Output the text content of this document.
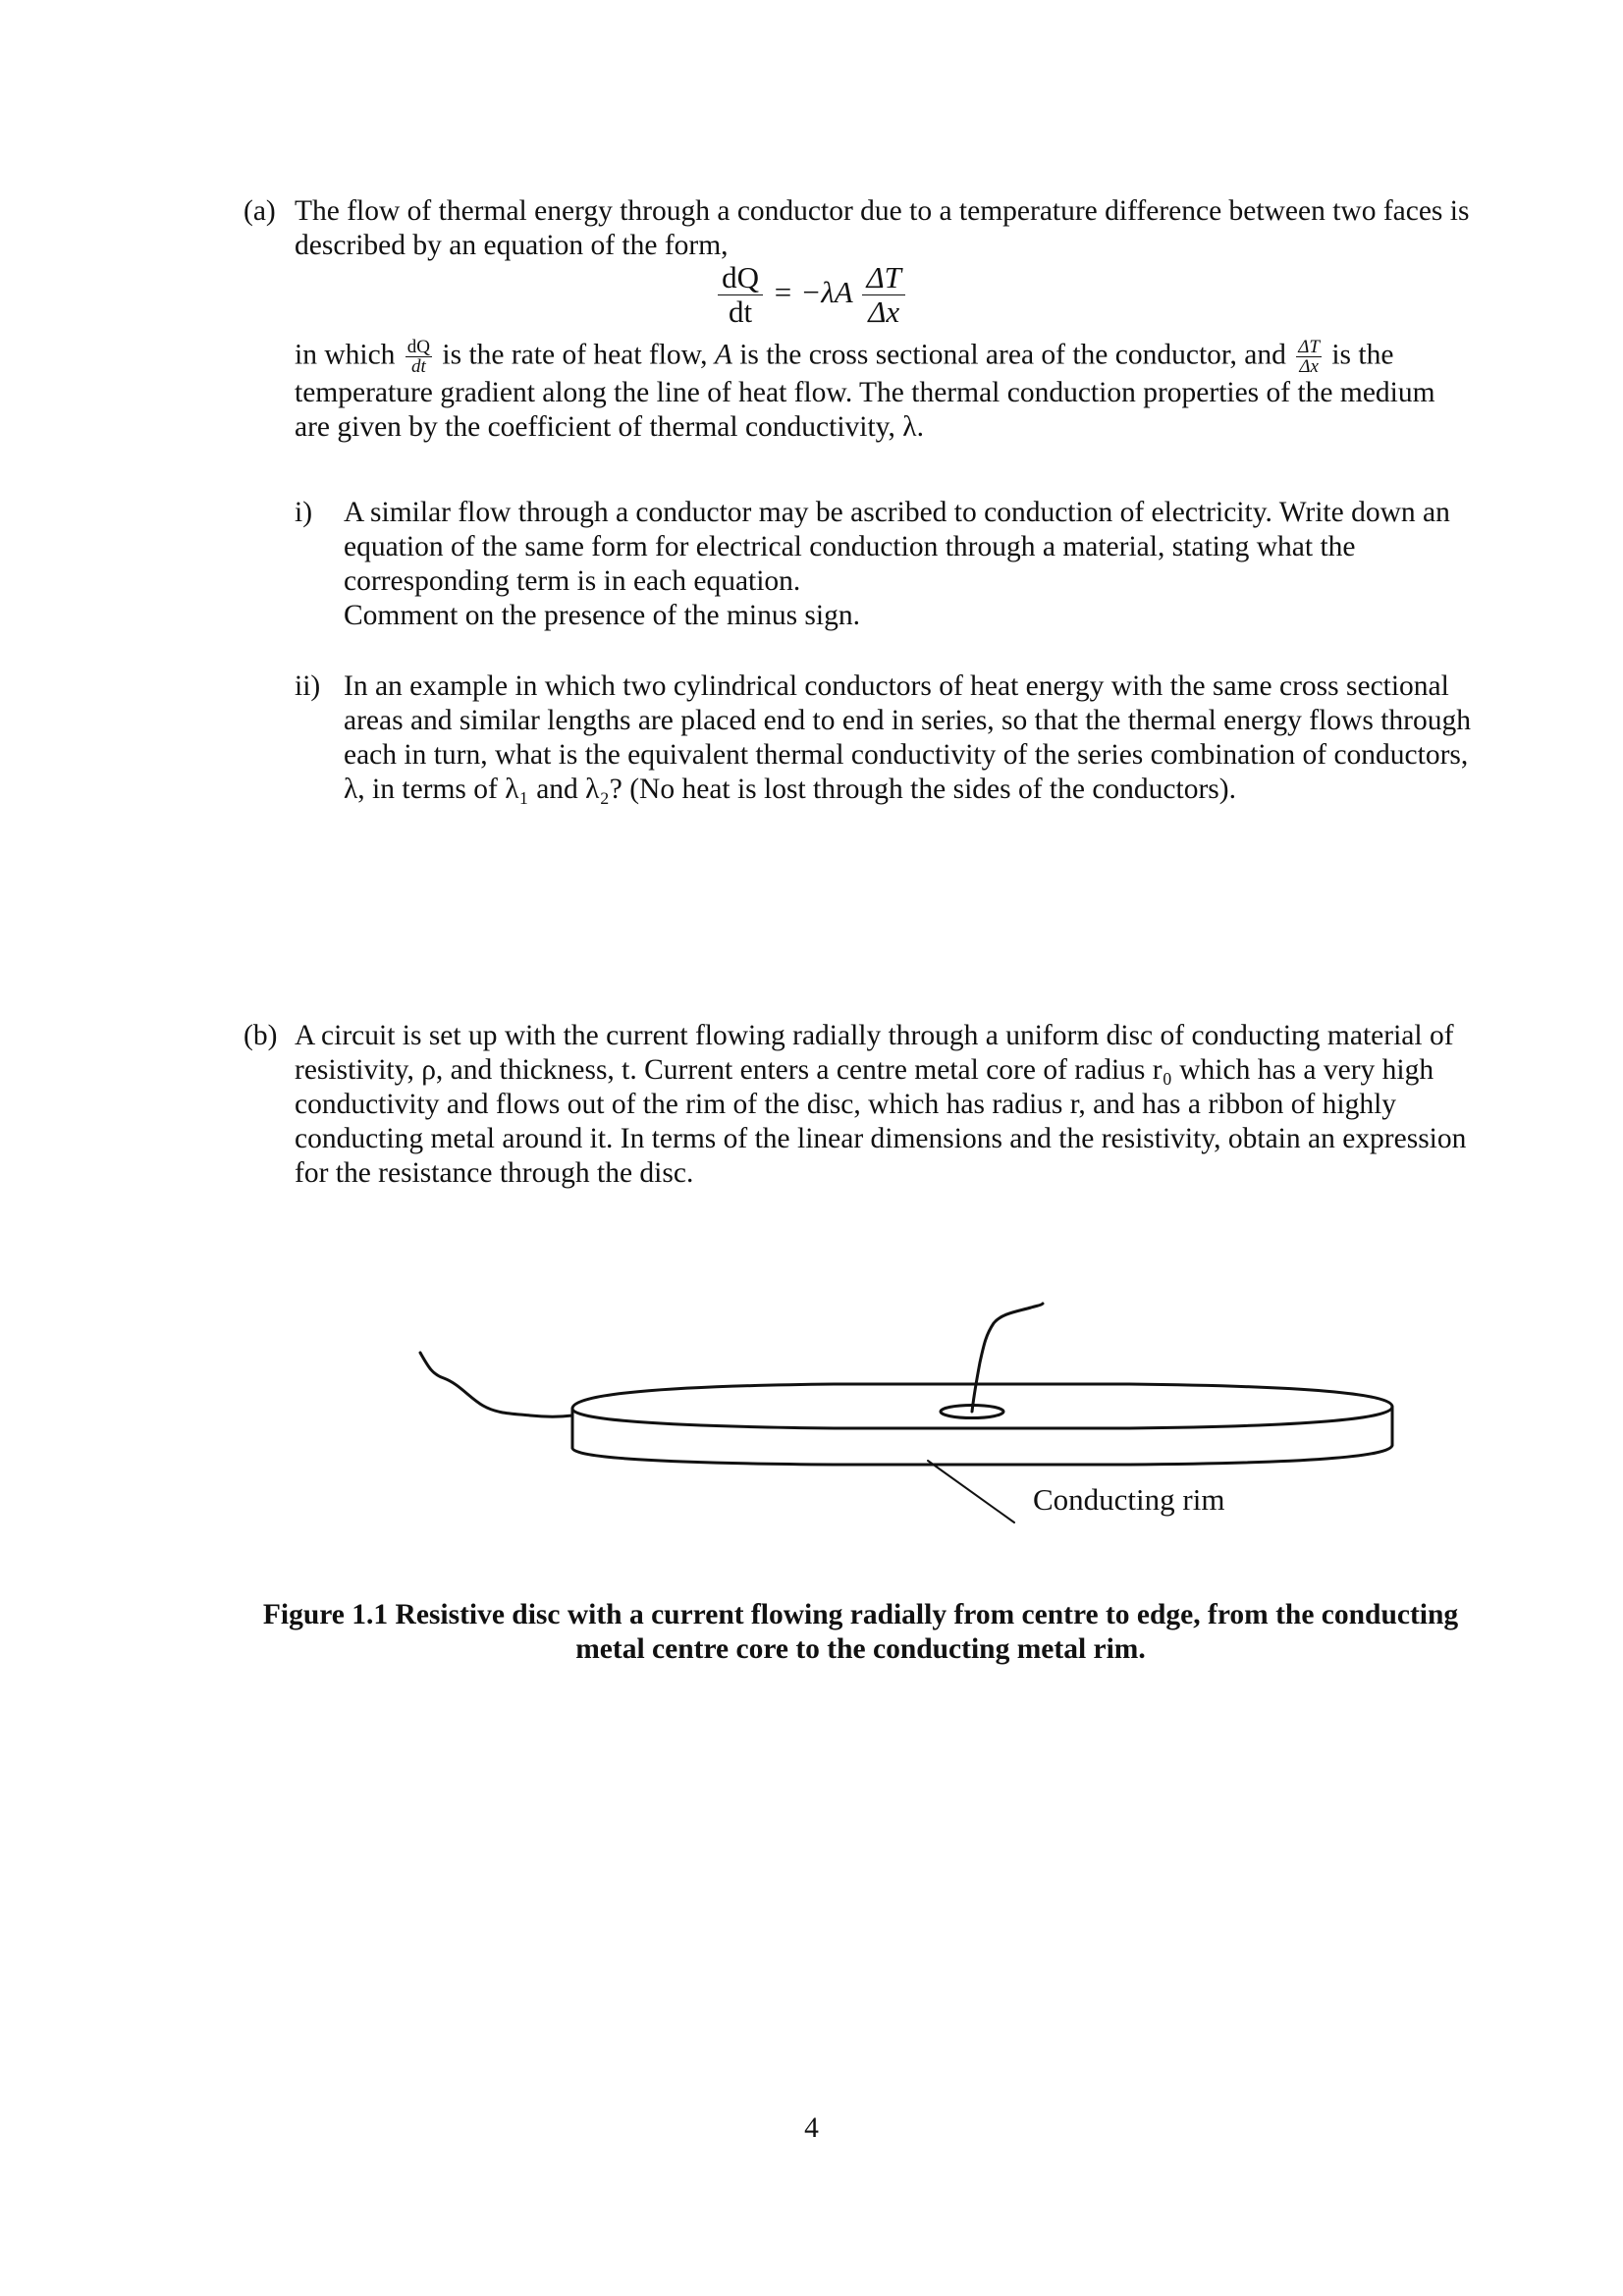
(a) The flow of thermal energy through a conductor due to a temperature difference between two faces is
described by an equation of the form,
$\frac{dQ}{dt} = -\lambda A \frac{\Delta T}{\Delta x}$
in which $\frac{dQ}{dt}$ is the rate of heat flow, A is the cross sectional area of the conductor, and $\frac{\Delta T}{\Delta x}$ is the
temperature gradient along the line of heat flow. The thermal conduction properties of the medium
are given by the coefficient of thermal conductivity, λ.
i) A similar flow through a conductor may be ascribed to conduction of electricity. Write down an
equation of the same form for electrical conduction through a material, stating what the
corresponding term is in each equation.
Comment on the presence of the minus sign.
ii) In an example in which two cylindrical conductors of heat energy with the same cross sectional
areas and similar lengths are placed end to end in series, so that the thermal energy flows through
each in turn, what is the equivalent thermal conductivity of the series combination of conductors,
λ, in terms of λ₁ and λ₂? (No heat is lost through the sides of the conductors).
(b) A circuit is set up with the current flowing radially through a uniform disc of conducting material of
resistivity, ρ, and thickness, t. Current enters a centre metal core of radius r₀ which has a very high
conductivity and flows out of the rim of the disc, which has radius r, and has a ribbon of highly
conducting metal around it. In terms of the linear dimensions and the resistivity, obtain an expression
for the resistance through the disc.
Conducting rim
Figure 1.1 Resistive disc with a current flowing radially from centre to edge, from the conducting
metal centre core to the conducting metal rim.
4
